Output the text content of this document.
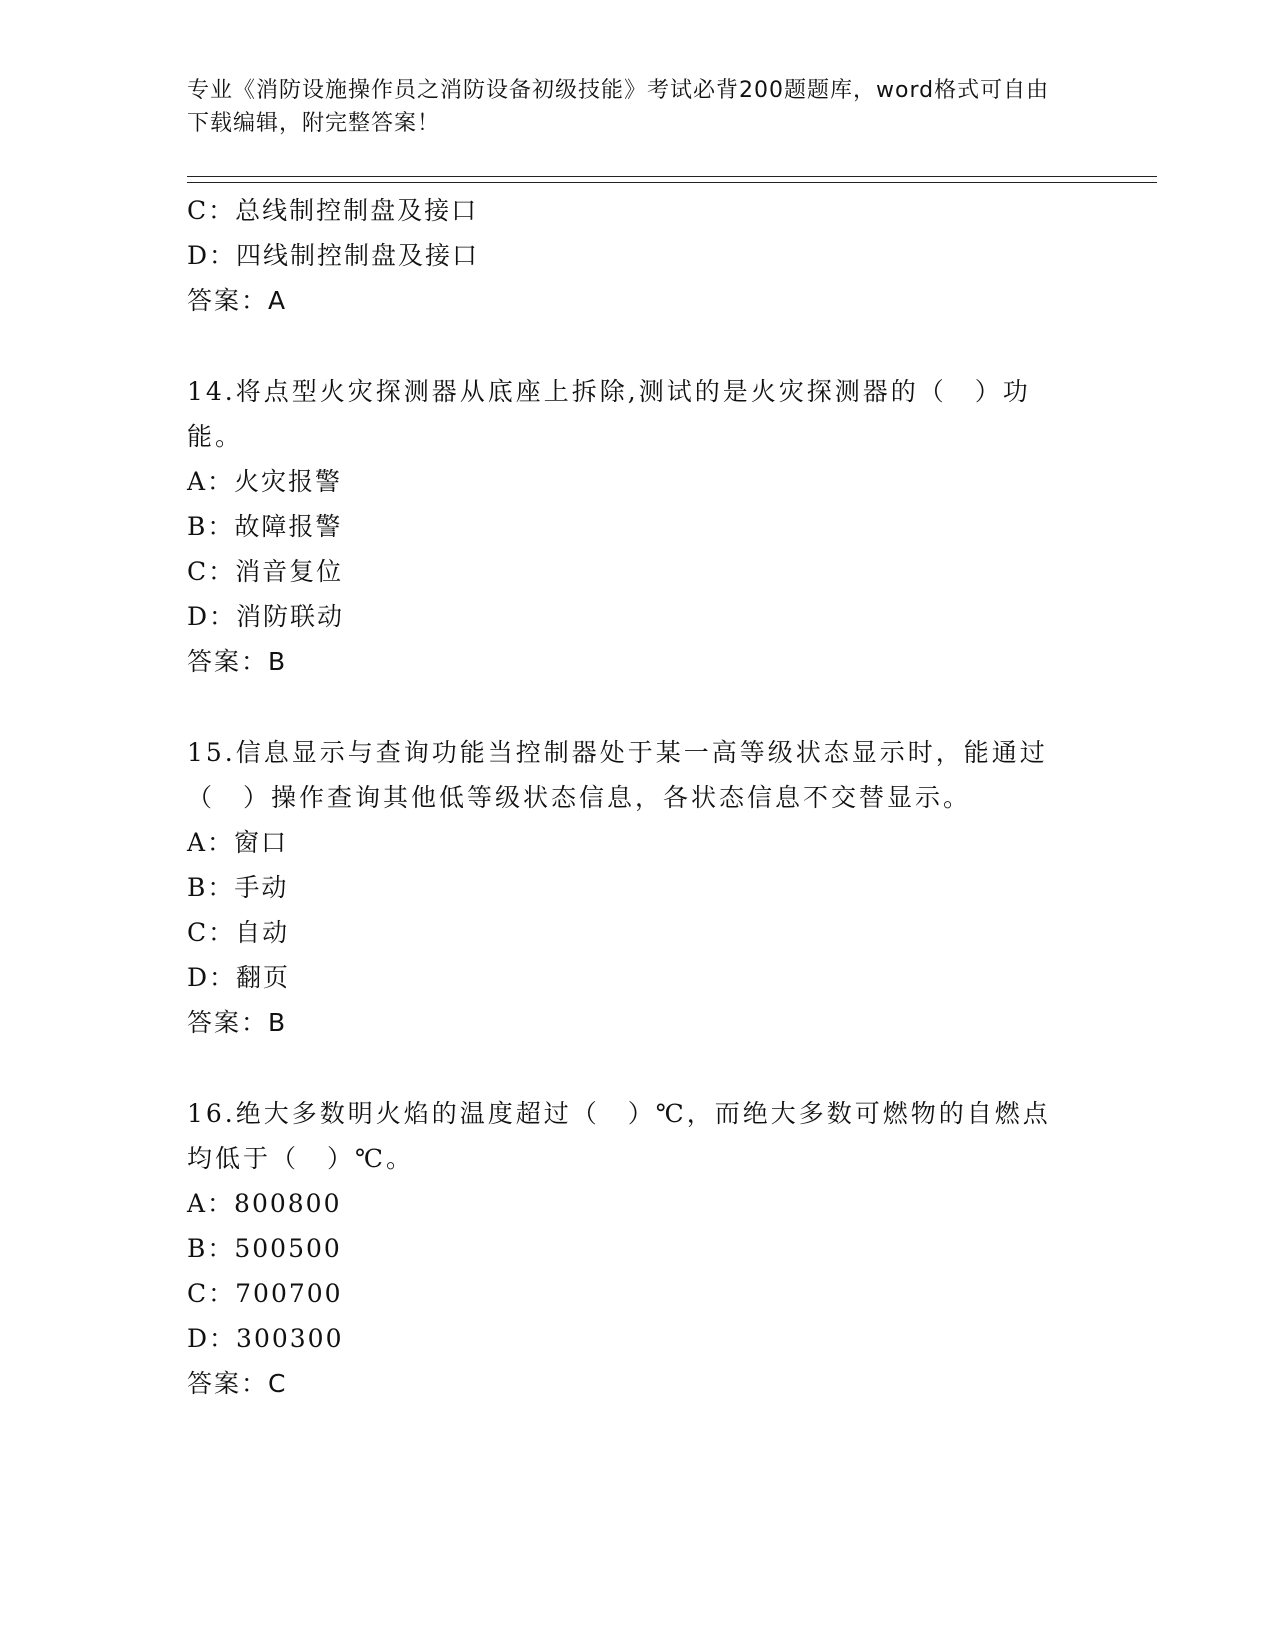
专业《消防设施操作员之消防设备初级技能》考试必背200题题库，word格式可自由下载编辑，附完整答案！
C：总线制控制盘及接口
D：四线制控制盘及接口
答案：A
14.将点型火灾探测器从底座上拆除,测试的是火灾探测器的（　）功能。
A：火灾报警
B：故障报警
C：消音复位
D：消防联动
答案：B
15.信息显示与查询功能当控制器处于某一高等级状态显示时，能通过（　）操作查询其他低等级状态信息，各状态信息不交替显示。
A：窗口
B：手动
C：自动
D：翻页
答案：B
16.绝大多数明火焰的温度超过（　）℃，而绝大多数可燃物的自燃点均低于（　）℃。
A：800800
B：500500
C：700700
D：300300
答案：C
